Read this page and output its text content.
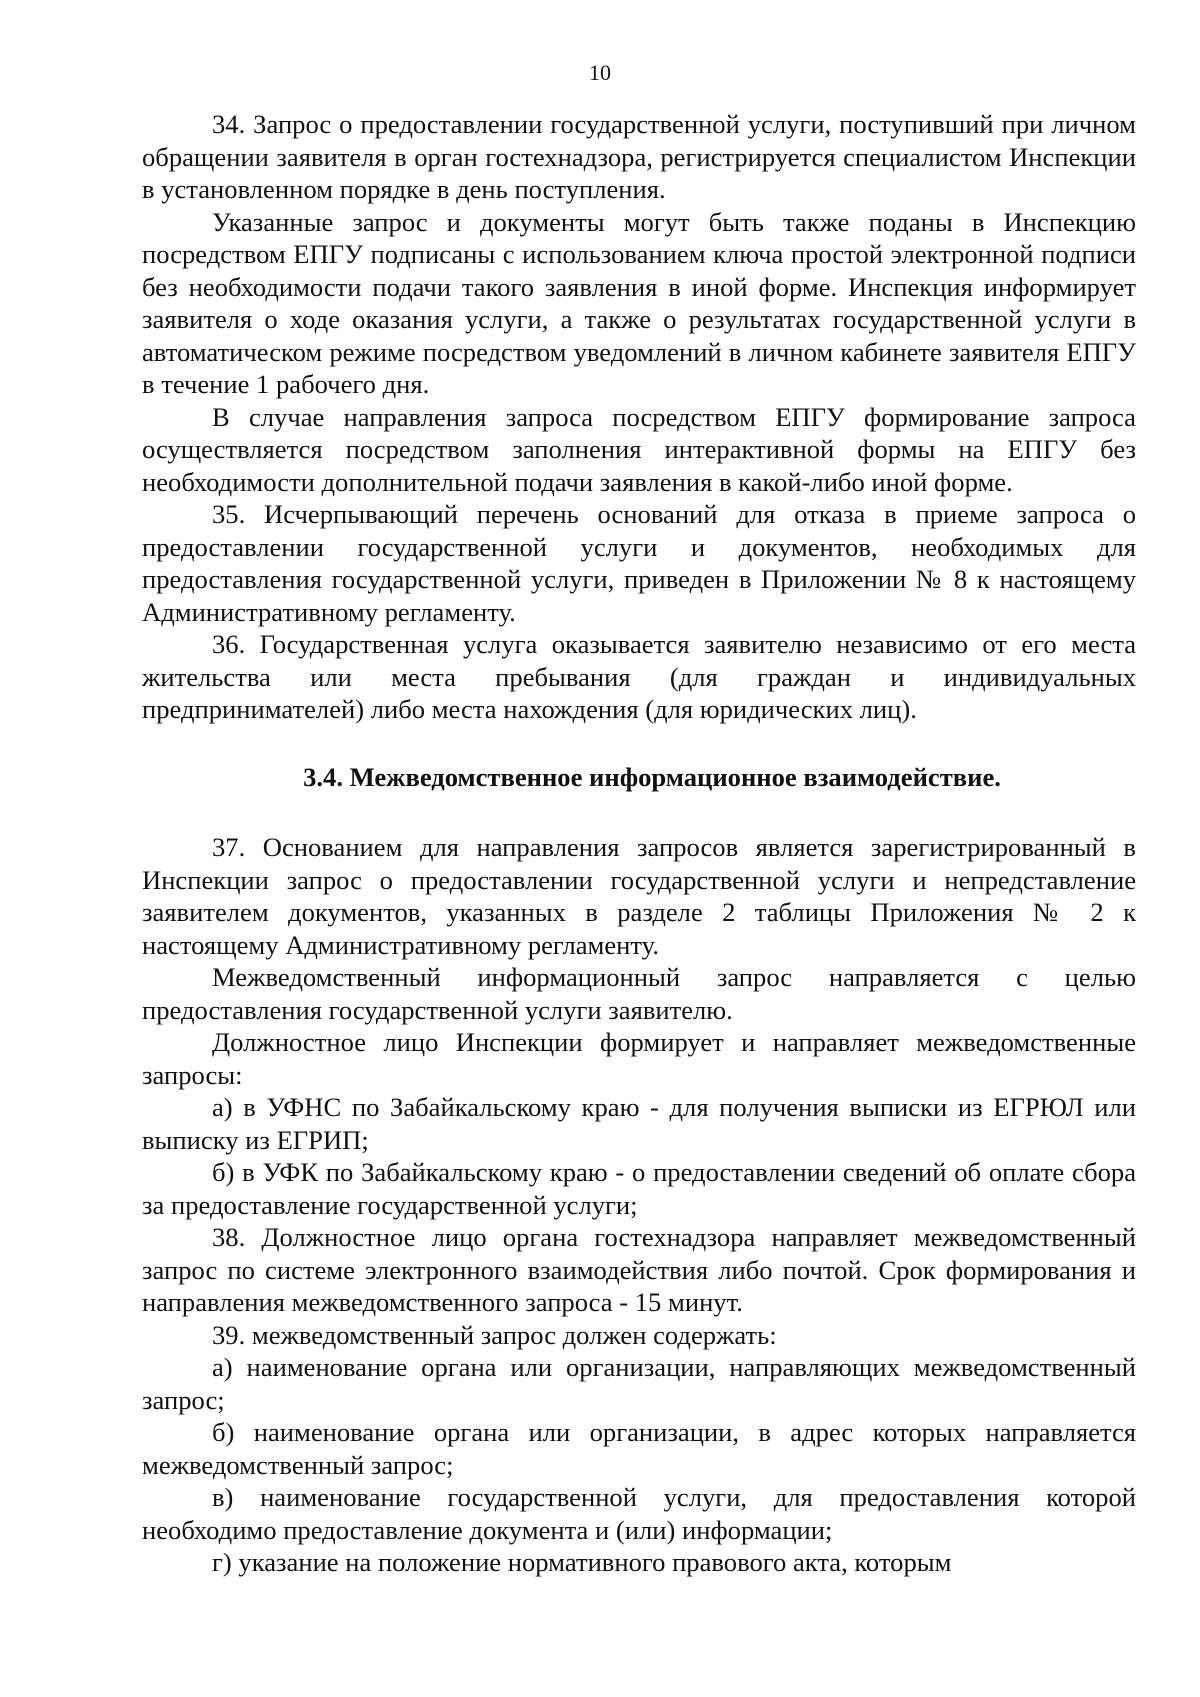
10

34. Запрос о предоставлении государственной услуги, поступивший при личном обращении заявителя в орган гостехнадзора, регистрируется специалистом Инспекции в установленном порядке в день поступления.

Указанные запрос и документы могут быть также поданы в Инспекцию посредством ЕПГУ подписаны с использованием ключа простой электронной подписи без необходимости подачи такого заявления в иной форме. Инспекция информирует заявителя о ходе оказания услуги, а также о результатах государственной услуги в автоматическом режиме посредством уведомлений в личном кабинете заявителя ЕПГУ в течение 1 рабочего дня.

В случае направления запроса посредством ЕПГУ формирование запроса осуществляется посредством заполнения интерактивной формы на ЕПГУ без необходимости дополнительной подачи заявления в какой-либо иной форме.

35. Исчерпывающий перечень оснований для отказа в приеме запроса о предоставлении государственной услуги и документов, необходимых для предоставления государственной услуги, приведен в Приложении № 8 к настоящему Административному регламенту.

36. Государственная услуга оказывается заявителю независимо от его места жительства или места пребывания (для граждан и индивидуальных предпринимателей) либо места нахождения (для юридических лиц).

3.4. Межведомственное информационное взаимодействие.

37. Основанием для направления запросов является зарегистрированный в Инспекции запрос о предоставлении государственной услуги и непредставление заявителем документов, указанных в разделе 2 таблицы Приложения № 2 к настоящему Административному регламенту.

Межведомственный информационный запрос направляется с целью предоставления государственной услуги заявителю.

Должностное лицо Инспекции формирует и направляет межведомственные запросы:

а) в УФНС по Забайкальскому краю - для получения выписки из ЕГРЮЛ или выписку из ЕГРИП;

б) в УФК по Забайкальскому краю - о предоставлении сведений об оплате сбора за предоставление государственной услуги;

38. Должностное лицо органа гостехнадзора направляет межведомственный запрос по системе электронного взаимодействия либо почтой. Срок формирования и направления межведомственного запроса - 15 минут.

39. межведомственный запрос должен содержать:

а) наименование органа или организации, направляющих межведомственный запрос;

б) наименование органа или организации, в адрес которых направляется межведомственный запрос;

в) наименование государственной услуги, для предоставления которой необходимо предоставление документа и (или) информации;

г) указание на положение нормативного правового акта, которым
